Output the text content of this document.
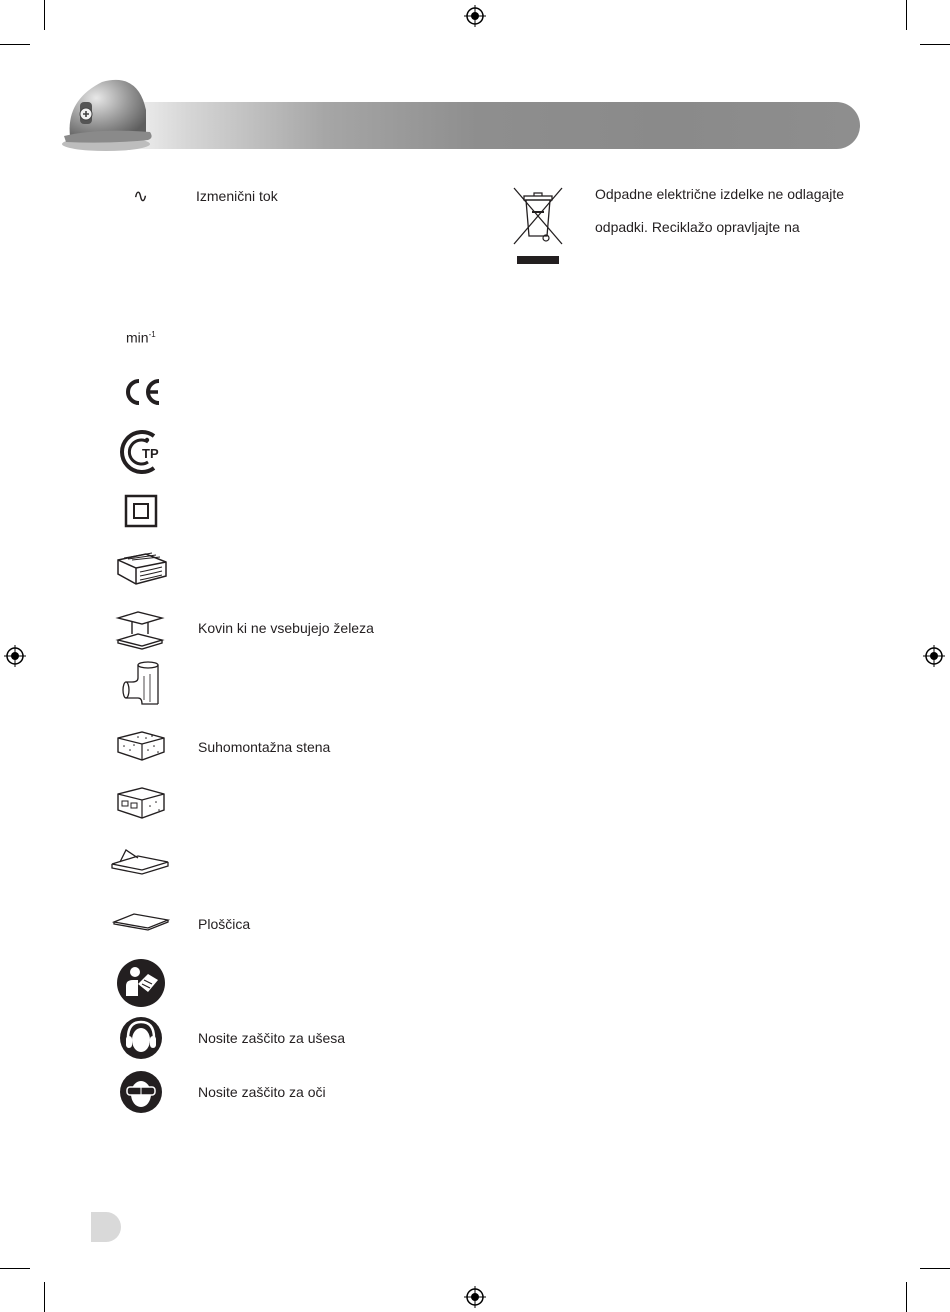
∿	Izmenični tok
$\min^{-1}$
TP
Kovin ki ne vsebujejo železa
Suhomontažna stena
Ploščica
Nosite zaščito za ušesa
Nosite zaščito za oči
Odpadne električne izdelke ne odlagajte
odpadki. Reciklažo opravljajte na
